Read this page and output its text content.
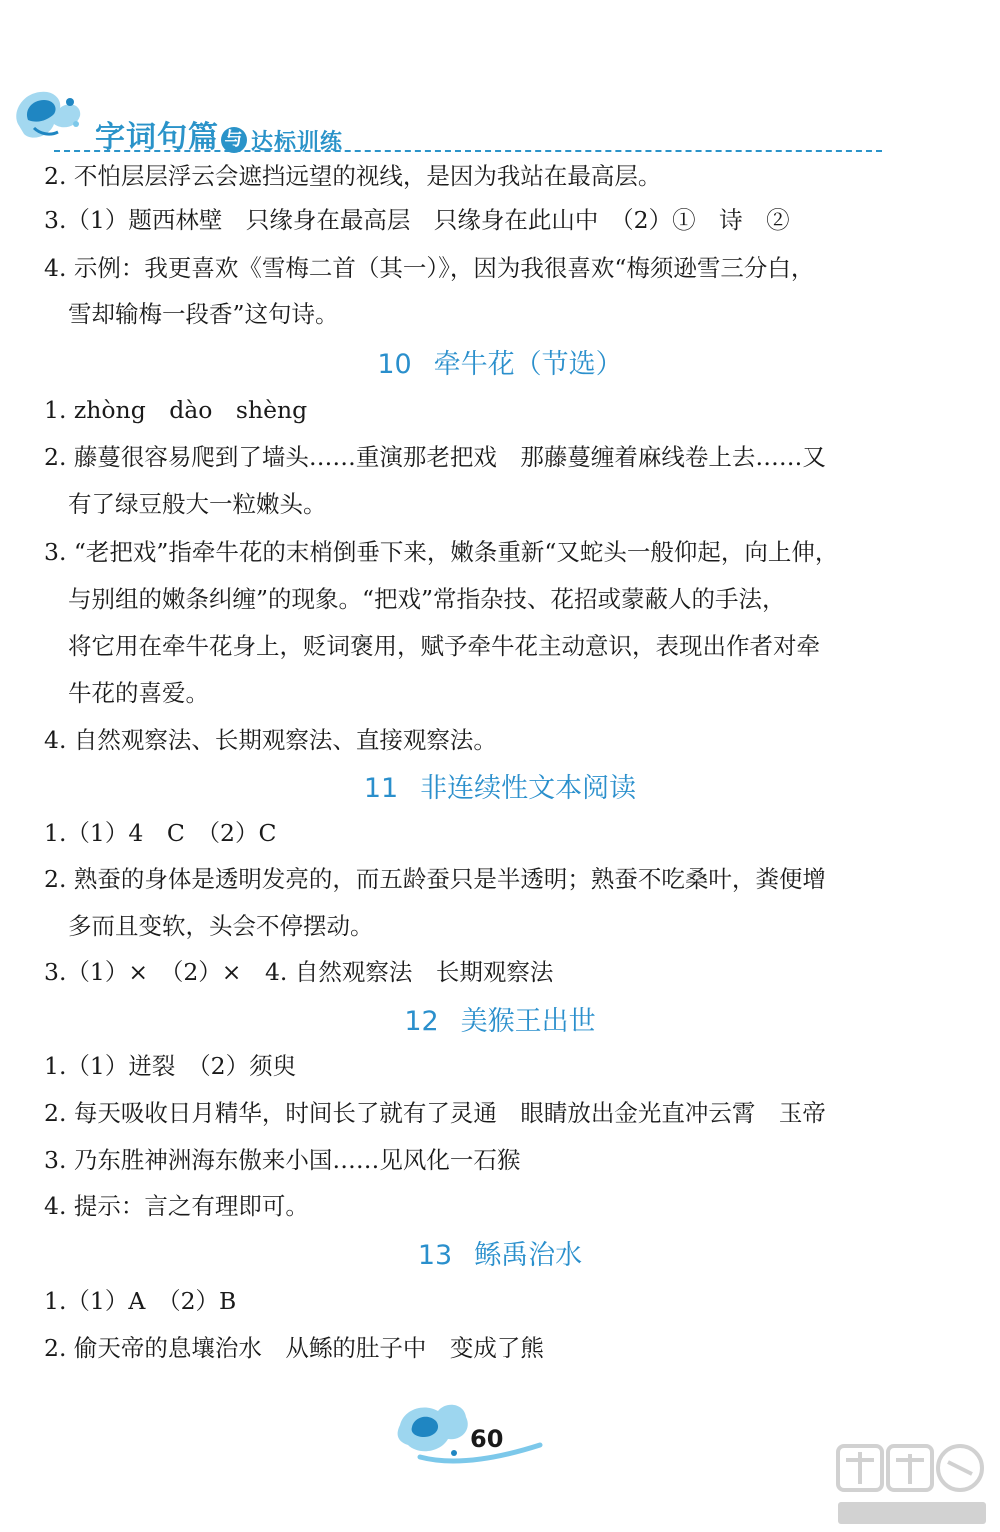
字词句篇 与 达标训练
2. 不怕层层浮云会遮挡远望的视线，是因为我站在最高层。
3.（1）题西林壁　只缘身在最高层　只缘身在此山中　（2）①　诗　②
4. 示例：我更喜欢《雪梅二首（其一）》，因为我很喜欢“梅须逊雪三分白，
雪却输梅一段香”这句诗。
10 牵牛花（节选）
1. zhòng　dào　shèng
2. 藤蔓很容易爬到了墙头……重演那老把戏　那藤蔓缠着麻线卷上去……又
有了绿豆般大一粒嫩头。
3. “老把戏”指牵牛花的末梢倒垂下来，嫩条重新“又蛇头一般仰起，向上伸，
与别组的嫩条纠缠”的现象。“把戏”常指杂技、花招或蒙蔽人的手法，
将它用在牵牛花身上，贬词褒用，赋予牵牛花主动意识，表现出作者对牵
牛花的喜爱。
4. 自然观察法、长期观察法、直接观察法。
11 非连续性文本阅读
1.（1）4　C　（2）C
2. 熟蚕的身体是透明发亮的，而五龄蚕只是半透明；熟蚕不吃桑叶，粪便增
多而且变软，头会不停摆动。
3.（1）×　（2）×　4. 自然观察法　长期观察法
12 美猴王出世
1.（1）迸裂　（2）须臾
2. 每天吸收日月精华，时间长了就有了灵通　眼睛放出金光直冲云霄　玉帝
3. 乃东胜神洲海东傲来小国……见风化一石猴
4. 提示：言之有理即可。
13 鲧禹治水
1.（1）A　（2）B
2. 偷天帝的息壤治水　从鲧的肚子中　变成了熊
60
